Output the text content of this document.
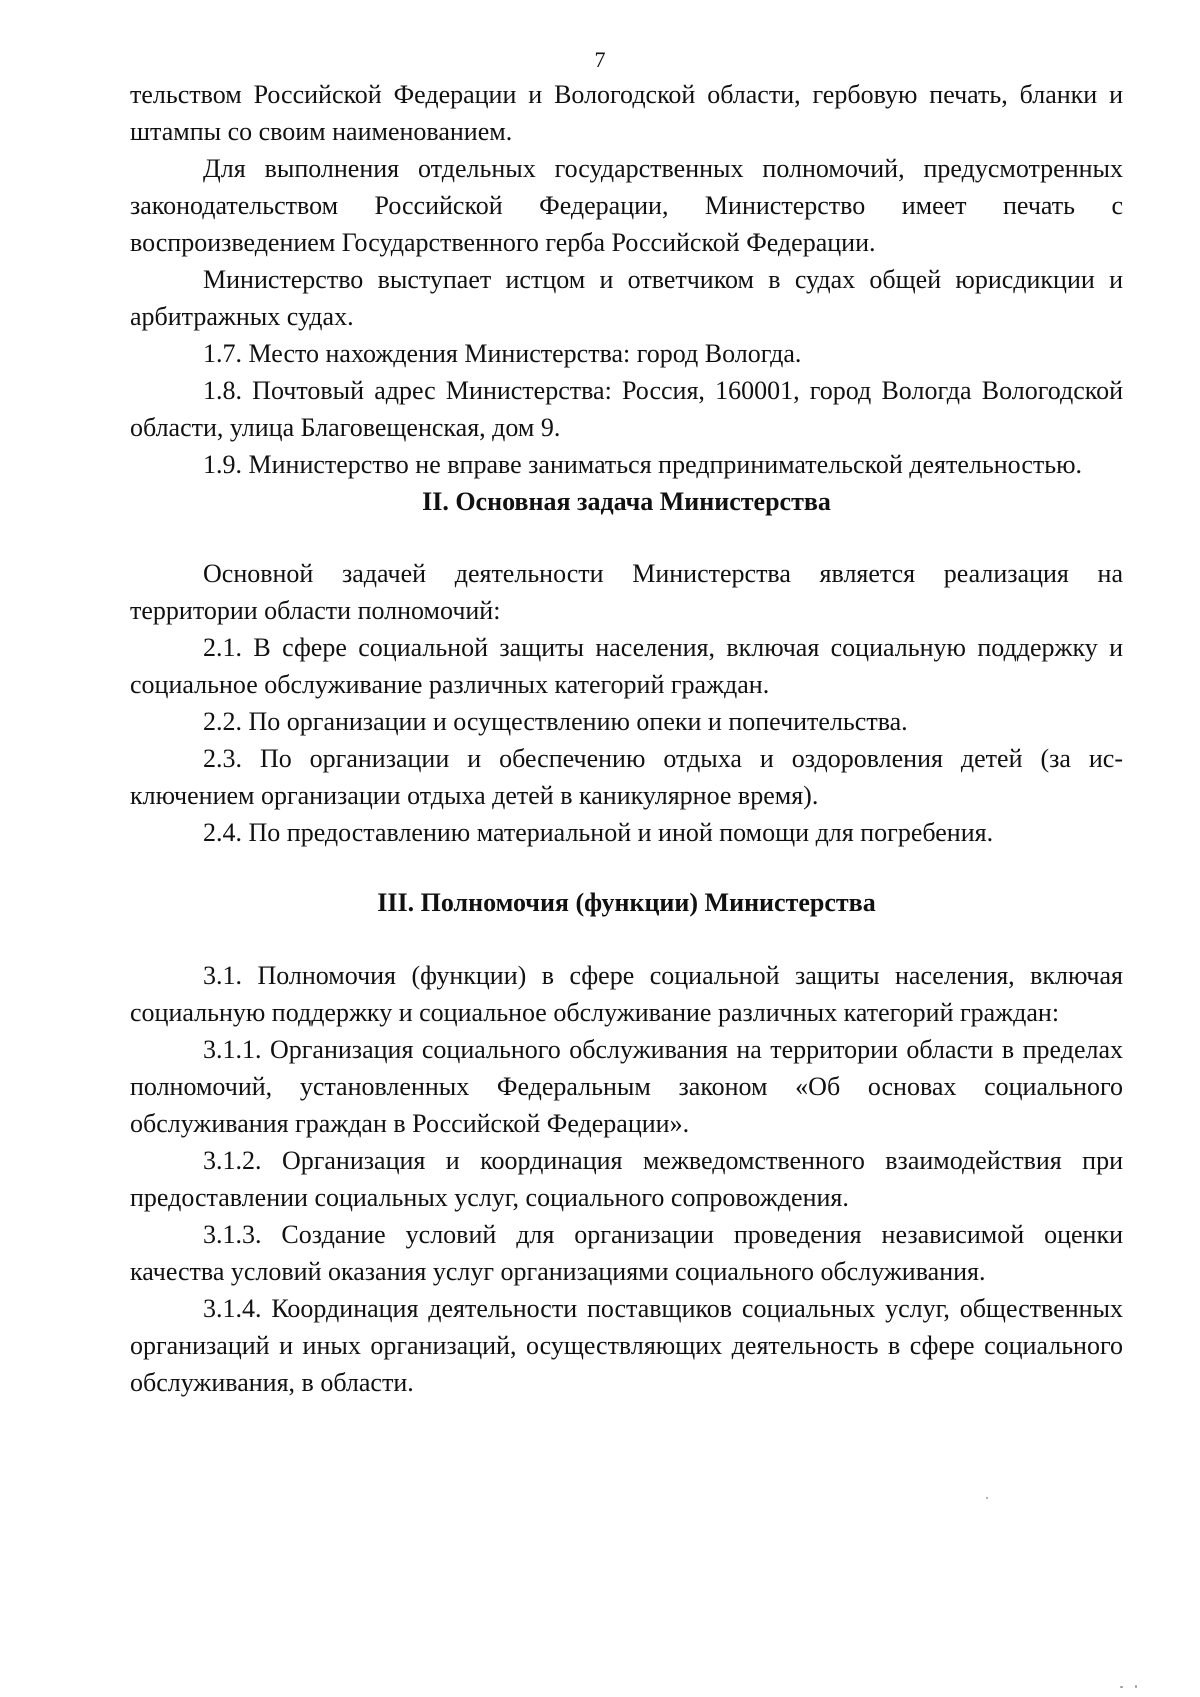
7

тельством Российской Федерации и Вологодской области, гербовую печать, бланки и штампы со своим наименованием.

Для выполнения отдельных государственных полномочий, предусмотренных законодательством Российской Федерации, Министерство имеет печать с воспроизведением Государственного герба Российской Федерации.

Министерство выступает истцом и ответчиком в судах общей юрисдикции и арбитражных судах.

1.7. Место нахождения Министерства: город Вологда.

1.8. Почтовый адрес Министерства: Россия, 160001, город Вологда Вологодской области, улица Благовещенская, дом 9.

1.9. Министерство не вправе заниматься предпринимательской деятельностью.

II. Основная задача Министерства

Основной задачей деятельности Министерства является реализация на территории области полномочий:

2.1. В сфере социальной защиты населения, включая социальную поддержку и социальное обслуживание различных категорий граждан.

2.2. По организации и осуществлению опеки и попечительства.

2.3. По организации и обеспечению отдыха и оздоровления детей (за исключением организации отдыха детей в каникулярное время).

2.4. По предоставлению материальной и иной помощи для погребения.

III. Полномочия (функции) Министерства

3.1. Полномочия (функции) в сфере социальной защиты населения, включая социальную поддержку и социальное обслуживание различных категорий граждан:

3.1.1. Организация социального обслуживания на территории области в пределах полномочий, установленных Федеральным законом «Об основах социального обслуживания граждан в Российской Федерации».

3.1.2. Организация и координация межведомственного взаимодействия при предоставлении социальных услуг, социального сопровождения.

3.1.3. Создание условий для организации проведения независимой оценки качества условий оказания услуг организациями социального обслуживания.

3.1.4. Координация деятельности поставщиков социальных услуг, общественных организаций и иных организаций, осуществляющих деятельность в сфере социального обслуживания, в области.
